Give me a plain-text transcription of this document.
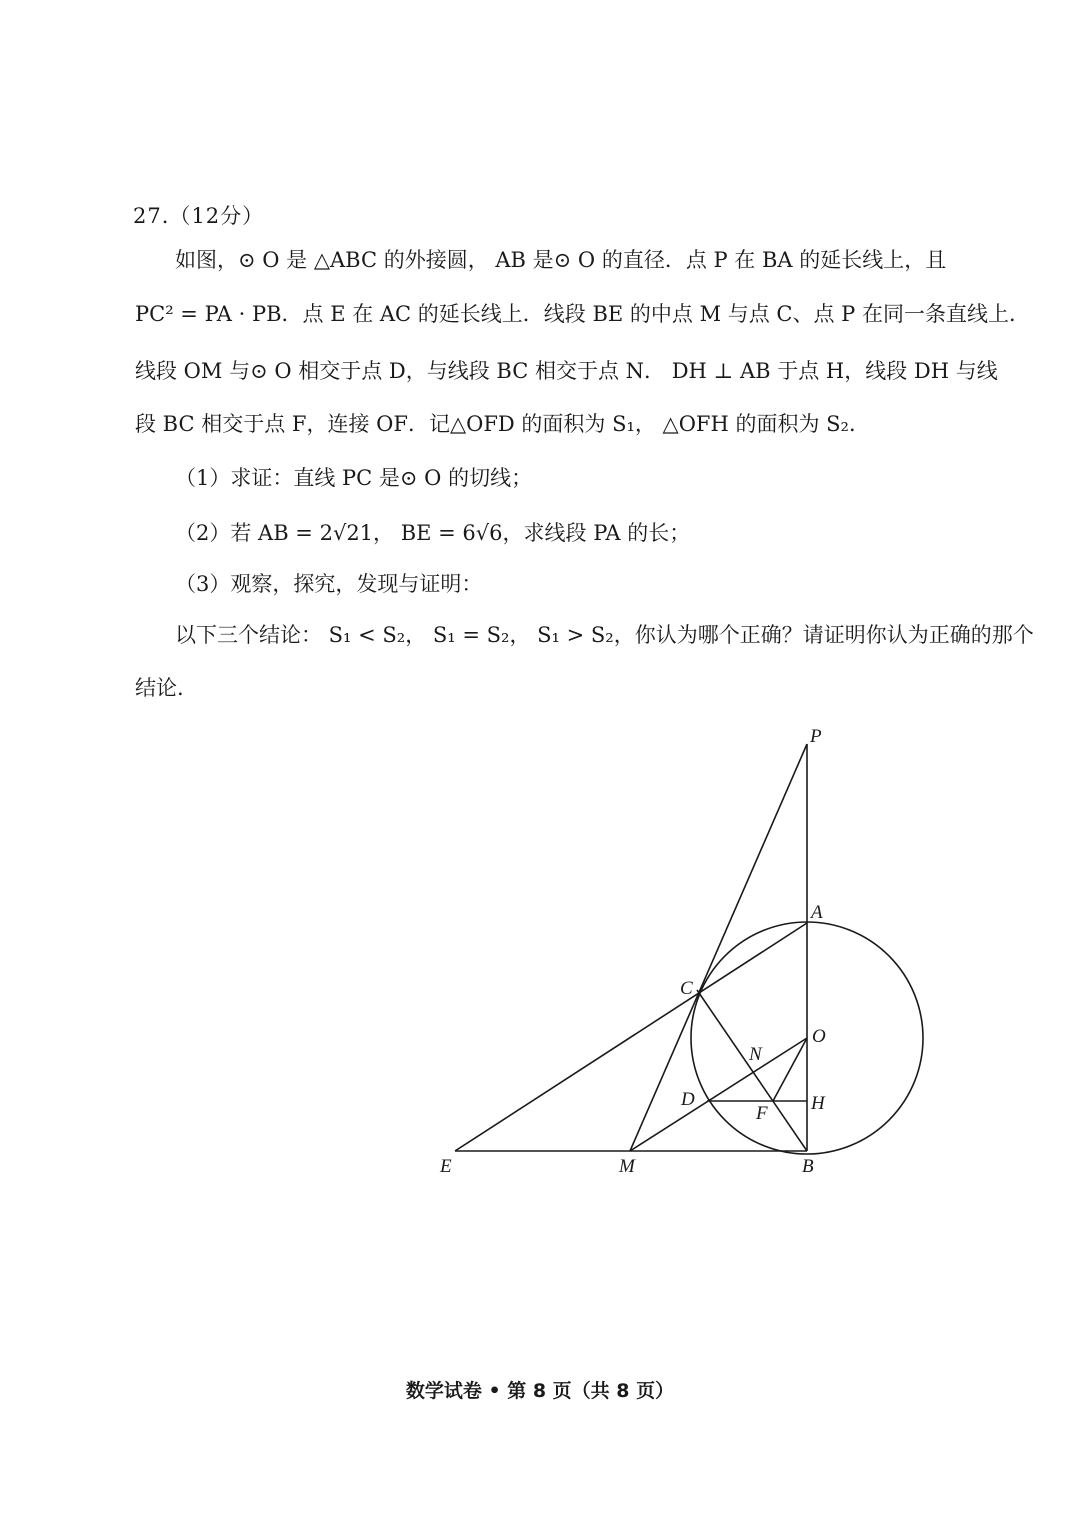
27.（12分）
如图，⊙ O 是 △ABC 的外接圆， AB 是⊙ O 的直径．点 P 在 BA 的延长线上，且
PC² = PA · PB．点 E 在 AC 的延长线上．线段 BE 的中点 M 与点 C、点 P 在同一条直线上．
线段 OM 与⊙ O 相交于点 D，与线段 BC 相交于点 N． DH ⊥ AB 于点 H，线段 DH 与线
段 BC 相交于点 F，连接 OF．记△OFD 的面积为 S₁， △OFH 的面积为 S₂．
（1）求证：直线 PC 是⊙ O 的切线；
（2）若 AB = 2√21， BE = 6√6，求线段 PA 的长；
（3）观察，探究，发现与证明：
以下三个结论： S₁ < S₂， S₁ = S₂， S₁ > S₂，你认为哪个正确？请证明你认为正确的那个
结论.
P
A
C
O
N
D	H
F
E	M	B
数学试卷 • 第 8 页（共 8 页）
